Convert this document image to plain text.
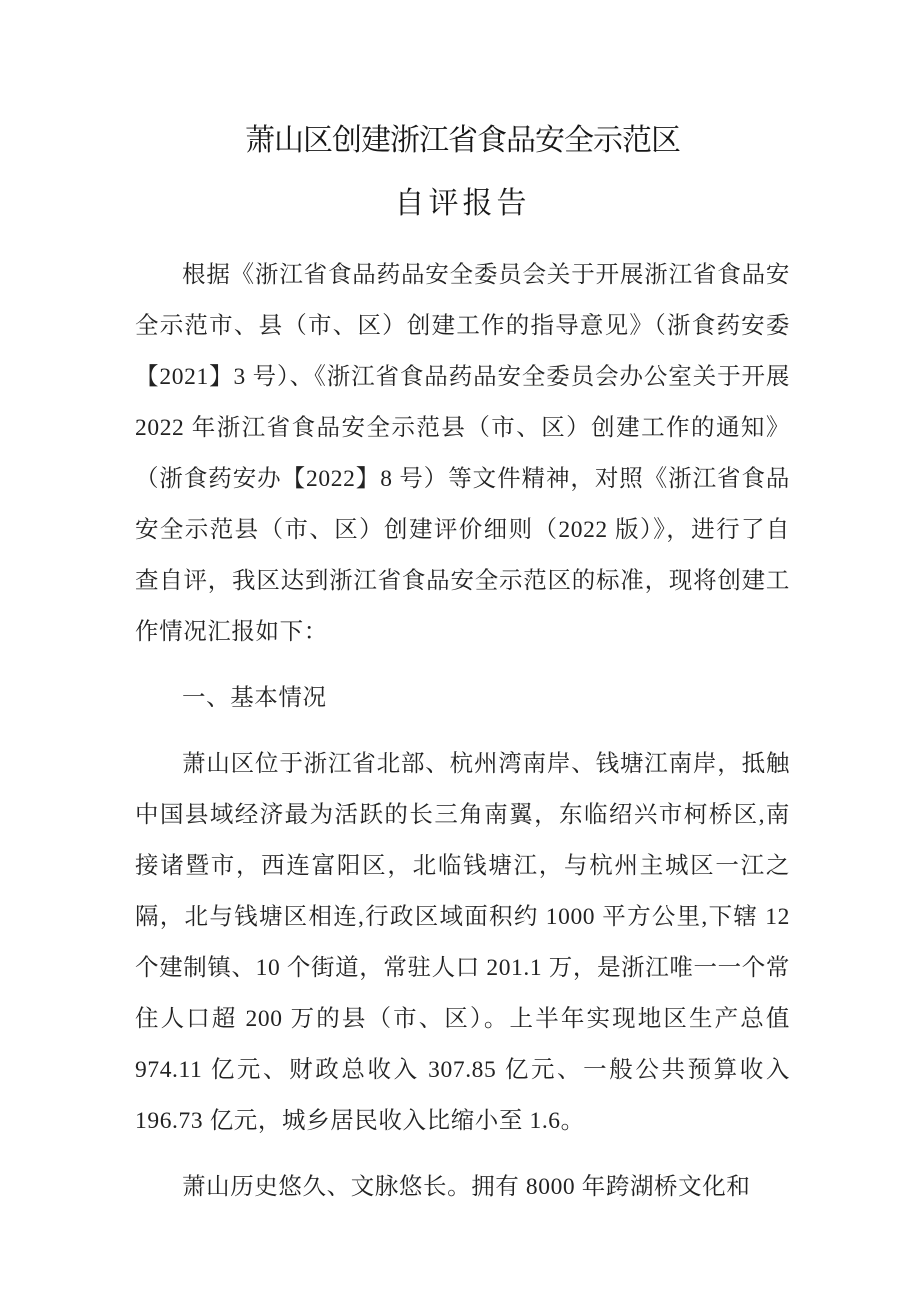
萧山区创建浙江省食品安全示范区
自评报告

根据《浙江省食品药品安全委员会关于开展浙江省食品安全示范市、县（市、区）创建工作的指导意见》（浙食药安委【2021】3 号）、《浙江省食品药品安全委员会办公室关于开展 2022 年浙江省食品安全示范县（市、区）创建工作的通知》（浙食药安办【2022】8 号）等文件精神，对照《浙江省食品安全示范县（市、区）创建评价细则（2022 版）》，进行了自查自评，我区达到浙江省食品安全示范区的标准，现将创建工作情况汇报如下：

一、基本情况

萧山区位于浙江省北部、杭州湾南岸、钱塘江南岸，抵触中国县域经济最为活跃的长三角南翼，东临绍兴市柯桥区,南接诸暨市，西连富阳区，北临钱塘江，与杭州主城区一江之隔，北与钱塘区相连,行政区域面积约 1000 平方公里,下辖 12 个建制镇、10 个街道，常驻人口 201.1 万，是浙江唯一一个常住人口超 200 万的县（市、区）。上半年实现地区生产总值 974.11 亿元、财政总收入 307.85 亿元、一般公共预算收入 196.73 亿元，城乡居民收入比缩小至 1.6。

萧山历史悠久、文脉悠长。拥有 8000 年跨湖桥文化和
